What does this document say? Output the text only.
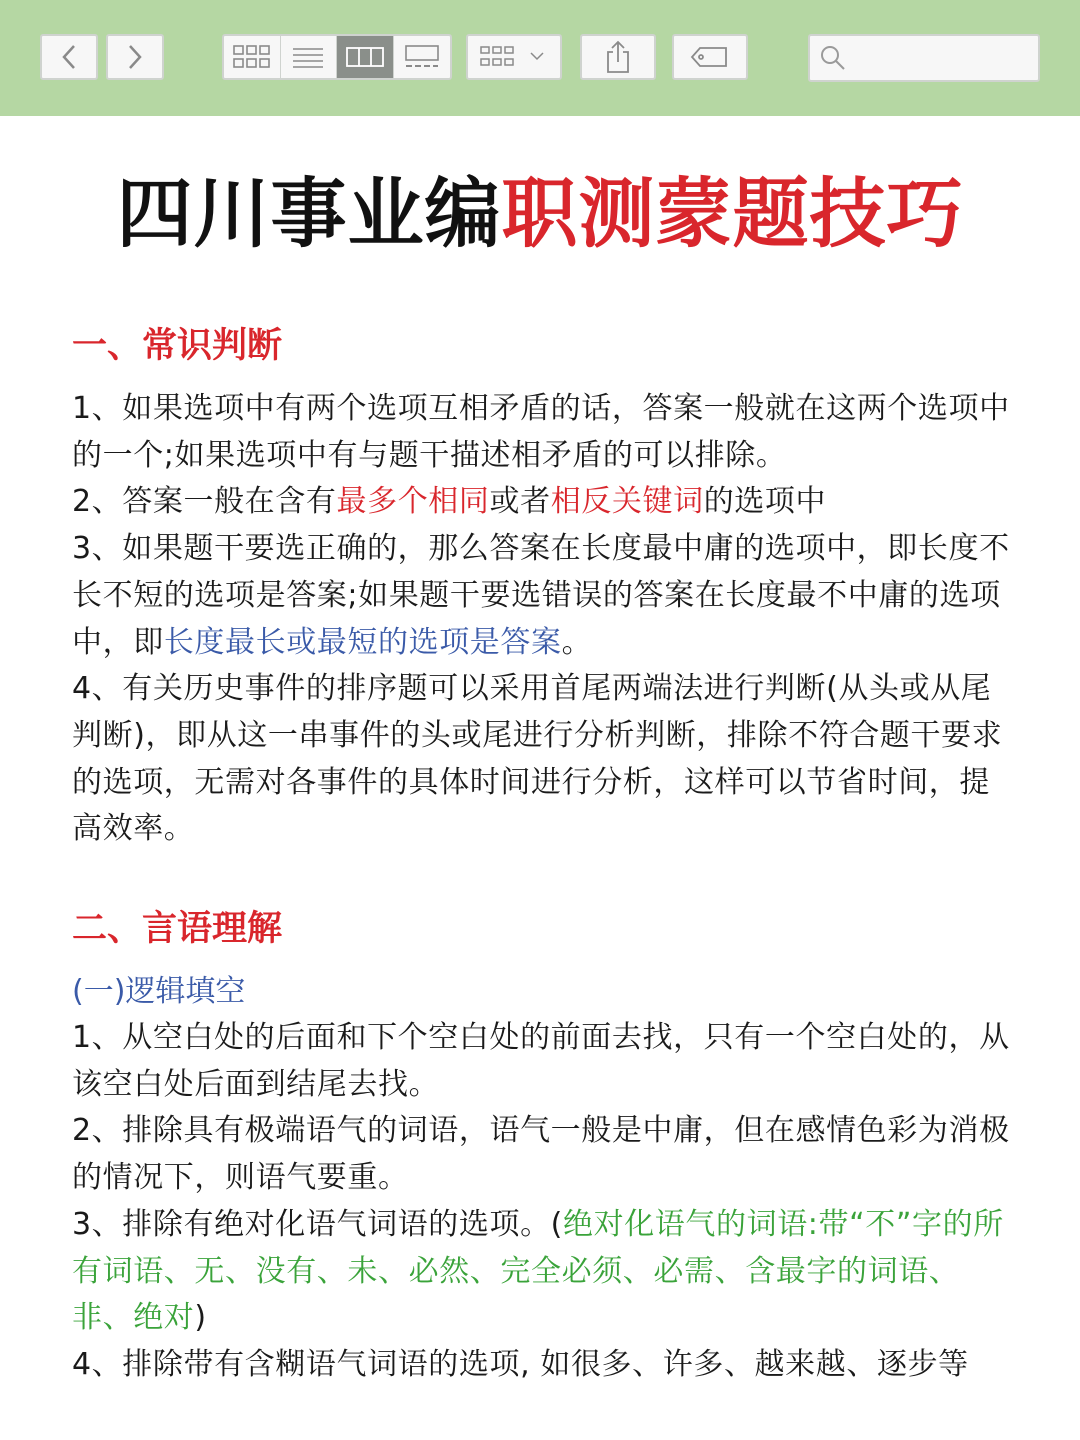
四川事业编职测蒙题技巧
一、常识判断

1、如果选项中有两个选项互相矛盾的话，答案一般就在这两个选项中的一个;如果选项中有与题干描述相矛盾的可以排除。

2、答案一般在含有最多个相同或者相反关键词的选项中

3、如果题干要选正确的，那么答案在长度最中庸的选项中，即长度不长不短的选项是答案;如果题干要选错误的答案在长度最不中庸的选项中，即长度最长或最短的选项是答案。

4、有关历史事件的排序题可以采用首尾两端法进行判断(从头或从尾判断)，即从这一串事件的头或尾进行分析判断，排除不符合题干要求的选项，无需对各事件的具体时间进行分析，这样可以节省时间，提高效率。

二、言语理解
(一)逻辑填空

1、从空白处的后面和下个空白处的前面去找，只有一个空白处的，从该空白处后面到结尾去找。

2、排除具有极端语气的词语，语气一般是中庸，但在感情色彩为消极的情况下，则语气要重。

3、排除有绝对化语气词语的选项。(绝对化语气的词语:带“不”字的所有词语、无、没有、未、必然、完全必须、必需、含最字的词语、非、绝对)

4、排除带有含糊语气词语的选项, 如很多、许多、越来越、逐步等
